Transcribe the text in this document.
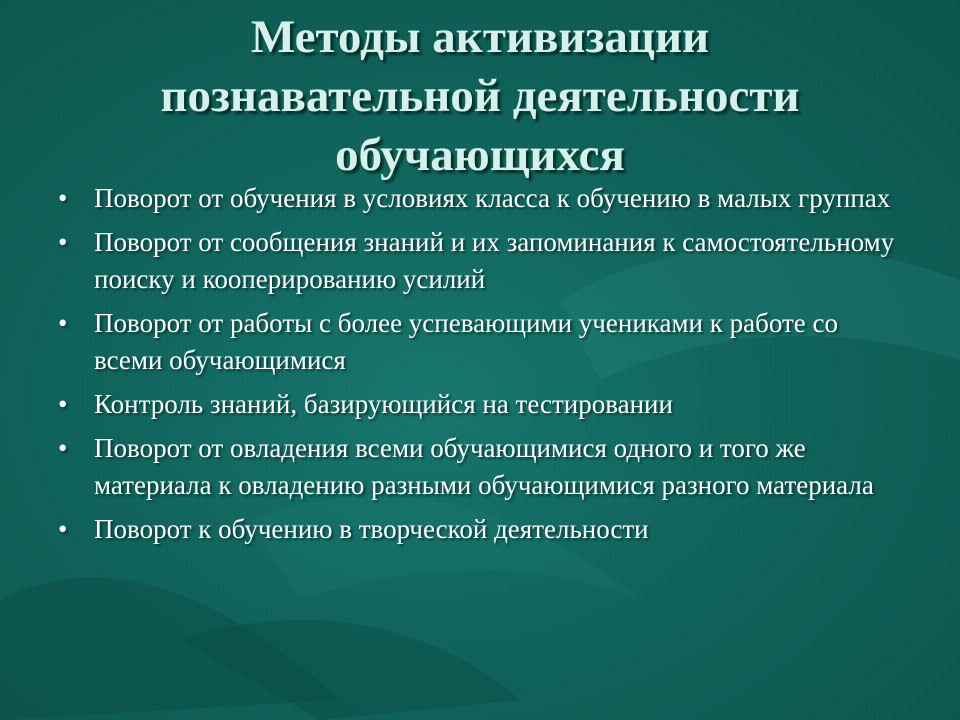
Методы активизации
познавательной деятельности
обучающихся
• Поворот от обучения в условиях класса к обучению в малых группах
• Поворот от сообщения знаний и их запоминания к самостоятельному поиску и кооперированию усилий
• Поворот от работы с более успевающими учениками к работе со всеми обучающимися
• Контроль знаний, базирующийся на тестировании
• Поворот от овладения всеми обучающимися одного и того же материала к овладению разными обучающимися разного материала
• Поворот к обучению в творческой деятельности
